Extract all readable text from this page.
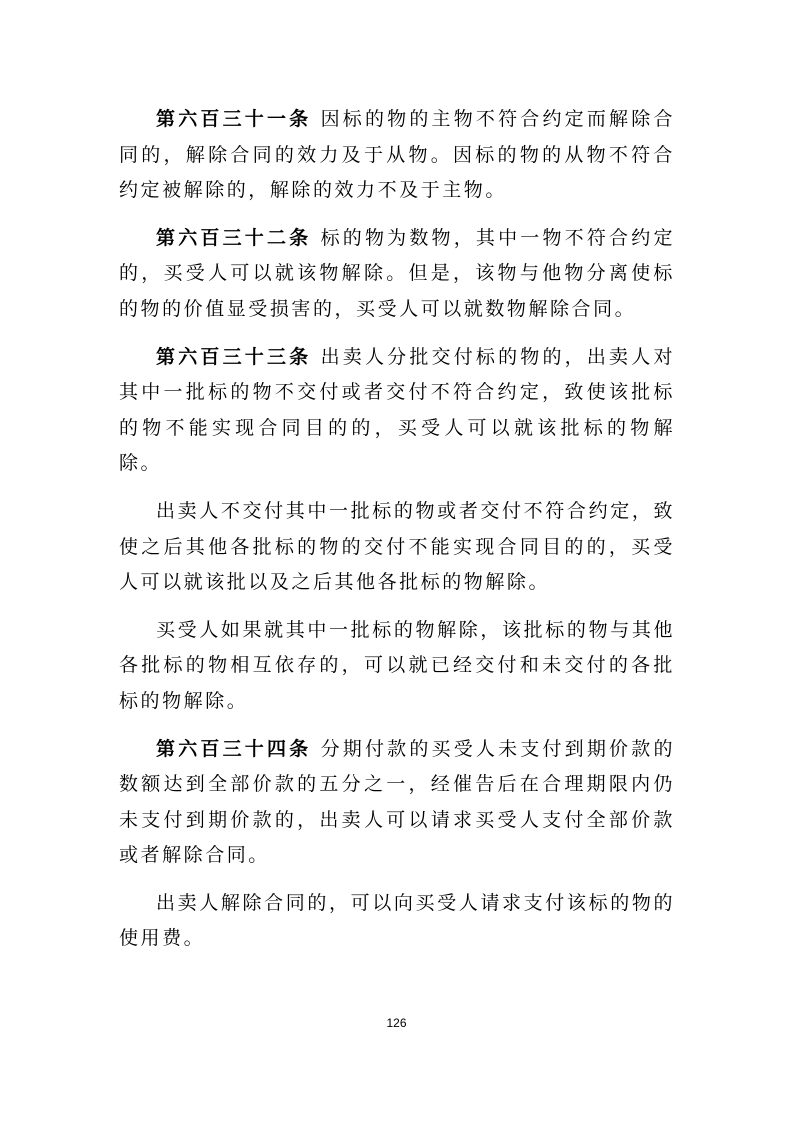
第六百三十一条 因标的物的主物不符合约定而解除合同的，解除合同的效力及于从物。因标的物的从物不符合约定被解除的，解除的效力不及于主物。

第六百三十二条 标的物为数物，其中一物不符合约定的，买受人可以就该物解除。但是，该物与他物分离使标的物的价值显受损害的，买受人可以就数物解除合同。

第六百三十三条 出卖人分批交付标的物的，出卖人对其中一批标的物不交付或者交付不符合约定，致使该批标的物不能实现合同目的的，买受人可以就该批标的物解除。

出卖人不交付其中一批标的物或者交付不符合约定，致使之后其他各批标的物的交付不能实现合同目的的，买受人可以就该批以及之后其他各批标的物解除。

买受人如果就其中一批标的物解除，该批标的物与其他各批标的物相互依存的，可以就已经交付和未交付的各批标的物解除。

第六百三十四条 分期付款的买受人未支付到期价款的数额达到全部价款的五分之一，经催告后在合理期限内仍未支付到期价款的，出卖人可以请求买受人支付全部价款或者解除合同。

出卖人解除合同的，可以向买受人请求支付该标的物的使用费。

126
